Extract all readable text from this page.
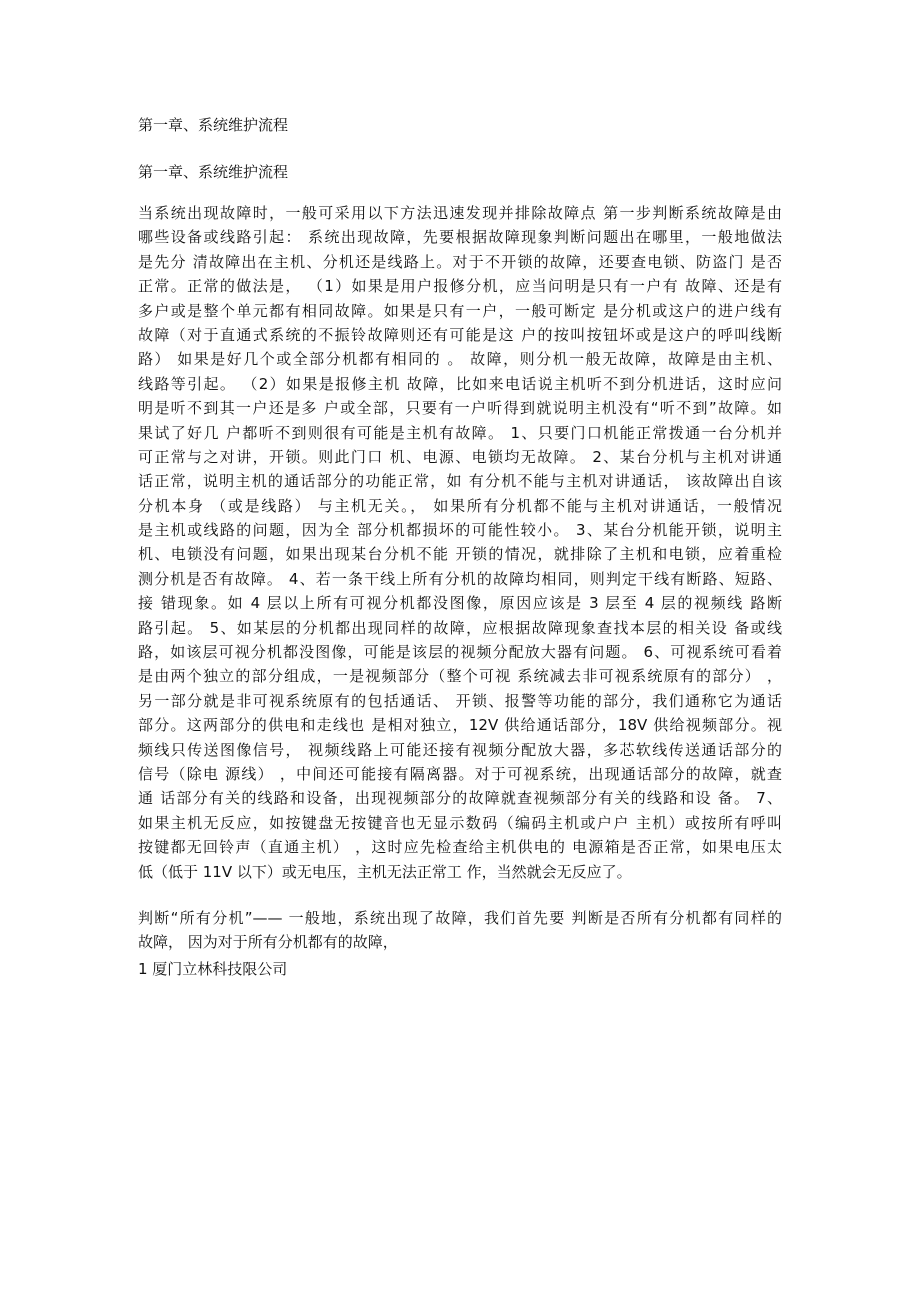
第一章、系统维护流程
第一章、系统维护流程
当系统出现故障时，一般可采用以下方法迅速发现并排除故障点 第一步判断系统故障是由
哪些设备或线路引起： 系统出现故障，先要根据故障现象判断问题出在哪里，一般地做法
是先分 清故障出在主机、分机还是线路上。对于不开锁的故障，还要查电锁、防盗门 是否
正常。正常的做法是， （1）如果是用户报修分机，应当问明是只有一户有 故障、还是有
多户或是整个单元都有相同故障。如果是只有一户，一般可断定 是分机或这户的进户线有
故障（对于直通式系统的不振铃故障则还有可能是这 户的按叫按钮坏或是这户的呼叫线断
路） 如果是好几个或全部分机都有相同的 。 故障，则分机一般无故障，故障是由主机、
线路等引起。 （2）如果是报修主机 故障，比如来电话说主机听不到分机进话，这时应问
明是听不到其一户还是多 户或全部，只要有一户听得到就说明主机没有“听不到”故障。如
果试了好几 户都听不到则很有可能是主机有故障。 1、只要门口机能正常拨通一台分机并
可正常与之对讲，开锁。则此门口 机、电源、电锁均无故障。 2、某台分机与主机对讲通
话正常，说明主机的通话部分的功能正常，如 有分机不能与主机对讲通话， 该故障出自该
分机本身 （或是线路） 与主机无关。， 如果所有分机都不能与主机对讲通话，一般情况
是主机或线路的问题，因为全 部分机都损坏的可能性较小。 3、某台分机能开锁，说明主
机、电锁没有问题，如果出现某台分机不能 开锁的情况，就排除了主机和电锁，应着重检
测分机是否有故障。 4、若一条干线上所有分机的故障均相同，则判定干线有断路、短路、
接 错现象。如 4 层以上所有可视分机都没图像，原因应该是 3 层至 4 层的视频线 路断
路引起。 5、如某层的分机都出现同样的故障，应根据故障现象查找本层的相关设 备或线
路，如该层可视分机都没图像，可能是该层的视频分配放大器有问题。 6、可视系统可看着
是由两个独立的部分组成，一是视频部分（整个可视 系统减去非可视系统原有的部分） ，
另一部分就是非可视系统原有的包括通话、 开锁、报警等功能的部分，我们通称它为通话
部分。这两部分的供电和走线也 是相对独立，12V 供给通话部分，18V 供给视频部分。视
频线只传送图像信号， 视频线路上可能还接有视频分配放大器，多芯软线传送通话部分的
信号（除电 源线） ，中间还可能接有隔离器。对于可视系统，出现通话部分的故障，就查
通 话部分有关的线路和设备，出现视频部分的故障就查视频部分有关的线路和设 备。 7、
如果主机无反应，如按键盘无按键音也无显示数码（编码主机或户户 主机）或按所有呼叫
按键都无回铃声（直通主机） ，这时应先检查给主机供电的 电源箱是否正常，如果电压太
低（低于 11V 以下）或无电压，主机无法正常工 作，当然就会无反应了。
判断“所有分机”—— 一般地，系统出现了故障，我们首先要 判断是否所有分机都有同样的
故障， 因为对于所有分机都有的故障，
1 厦门立林科技限公司
